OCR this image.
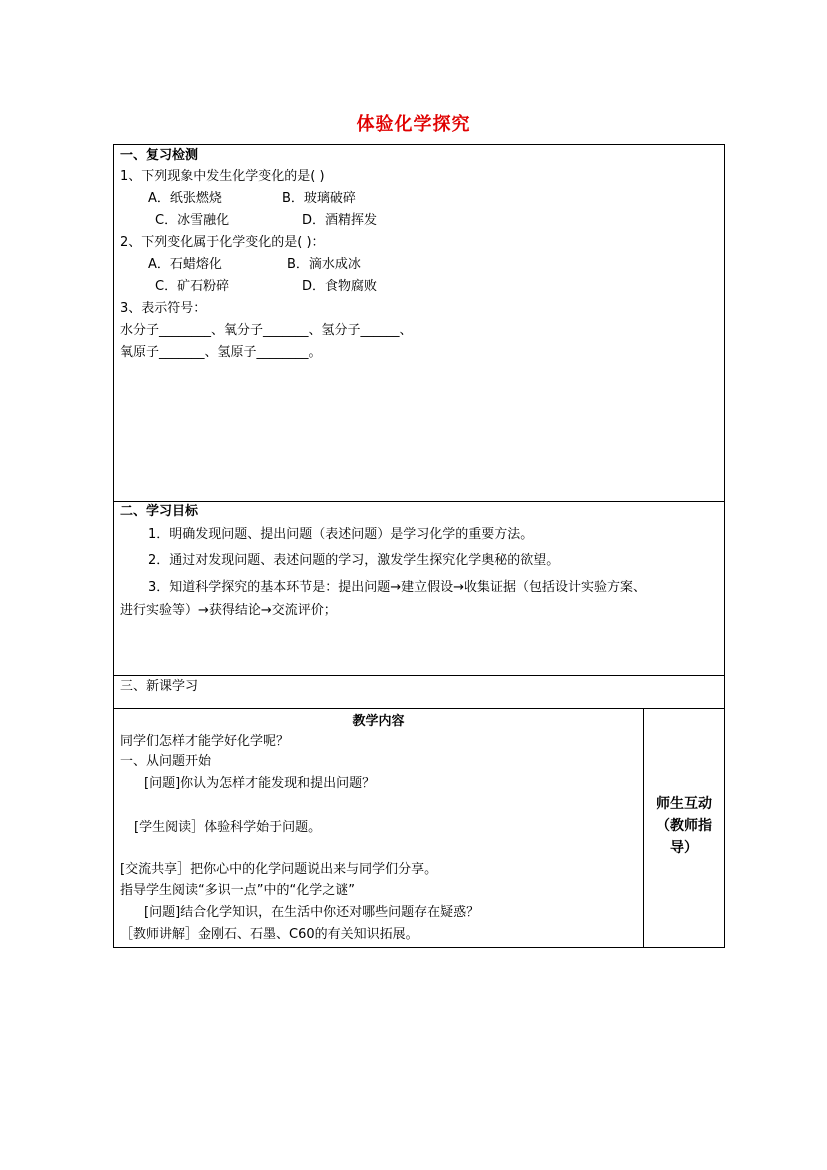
体验化学探究
一、复习检测
1、下列现象中发生化学变化的是( )
A．纸张燃烧	B．玻璃破碎
C．冰雪融化	D．酒精挥发
2、下列变化属于化学变化的是( )：
A．石蜡熔化	B．滴水成冰
C．矿石粉碎	D．食物腐败
3、表示符号：
水分子________、氧分子_______、氢分子______、
氧原子_______、氢原子________。
二、学习目标
1．明确发现问题、提出问题（表述问题）是学习化学的重要方法。
2．通过对发现问题、表述问题的学习，激发学生探究化学奥秘的欲望。
3．知道科学探究的基本环节是：提出问题→建立假设→收集证据（包括设计实验方案、
进行实验等）→获得结论→交流评价；
三、新课学习
教学内容
同学们怎样才能学好化学呢？
一、从问题开始
[问题]你认为怎样才能发现和提出问题？
[学生阅读］体验科学始于问题。
[交流共享］把你心中的化学问题说出来与同学们分享。
指导学生阅读“多识一点”中的“化学之谜”
[问题]结合化学知识，在生活中你还对哪些问题存在疑惑？
［教师讲解］金刚石、石墨、C60的有关知识拓展。
师生互动
（教师指
导）
